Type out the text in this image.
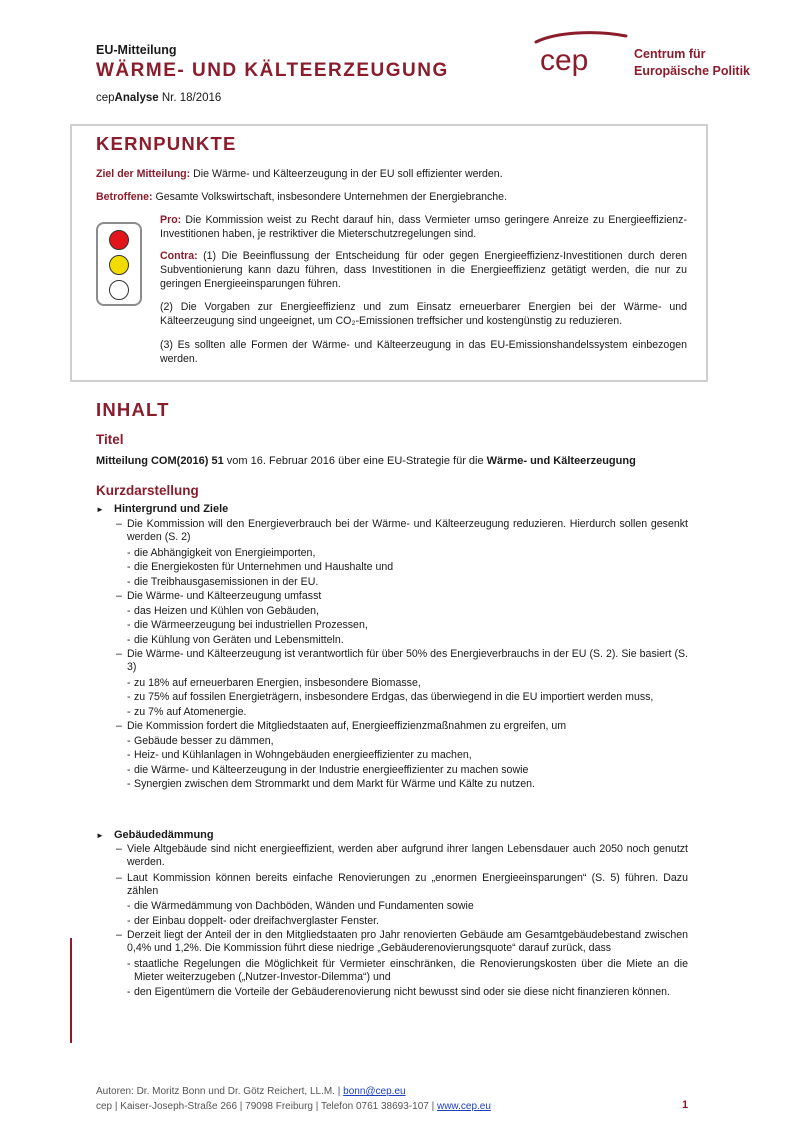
EU-Mitteilung
WÄRME- UND KÄLTEERZEUGUNG
cepAnalyse Nr. 18/2016
cep	Centrum für
Europäische Politik
KERNPUNKTE
Ziel der Mitteilung: Die Wärme- und Kälteerzeugung in der EU soll effizienter werden.
Betroffene: Gesamte Volkswirtschaft, insbesondere Unternehmen der Energiebranche.
Pro: Die Kommission weist zu Recht darauf hin, dass Vermieter umso geringere Anreize zu Energieeffizienz-Investitionen haben, je restriktiver die Mieterschutzregelungen sind.
Contra: (1) Die Beeinflussung der Entscheidung für oder gegen Energieeffizienz-Investitionen durch deren Subventionierung kann dazu führen, dass Investitionen in die Energieeffizienz getätigt werden, die nur zu geringen Energieeinsparungen führen.
(2) Die Vorgaben zur Energieeffizienz und zum Einsatz erneuerbarer Energien bei der Wärme- und Kälteerzeugung sind ungeeignet, um CO₂-Emissionen treffsicher und kostengünstig zu reduzieren.
(3) Es sollten alle Formen der Wärme- und Kälteerzeugung in das EU-Emissionshandelssystem einbezogen werden.
INHALT
Titel
Mitteilung COM(2016) 51 vom 16. Februar 2016 über eine EU-Strategie für die Wärme- und Kälteerzeugung
Kurzdarstellung
► Hintergrund und Ziele
– Die Kommission will den Energieverbrauch bei der Wärme- und Kälteerzeugung reduzieren. Hierdurch sollen gesenkt werden (S. 2)
- die Abhängigkeit von Energieimporten,
- die Energiekosten für Unternehmen und Haushalte und
- die Treibhausgasemissionen in der EU.
– Die Wärme- und Kälteerzeugung umfasst
- das Heizen und Kühlen von Gebäuden,
- die Wärmeerzeugung bei industriellen Prozessen,
- die Kühlung von Geräten und Lebensmitteln.
– Die Wärme- und Kälteerzeugung ist verantwortlich für über 50% des Energieverbrauchs in der EU (S. 2). Sie basiert (S. 3)
- zu 18% auf erneuerbaren Energien, insbesondere Biomasse,
- zu 75% auf fossilen Energieträgern, insbesondere Erdgas, das überwiegend in die EU importiert werden muss,
- zu 7% auf Atomenergie.
– Die Kommission fordert die Mitgliedstaaten auf, Energieeffizienzmaßnahmen zu ergreifen, um
- Gebäude besser zu dämmen,
- Heiz- und Kühlanlagen in Wohngebäuden energieeffizienter zu machen,
- die Wärme- und Kälteerzeugung in der Industrie energieeffizienter zu machen sowie
- Synergien zwischen dem Strommarkt und dem Markt für Wärme und Kälte zu nutzen.
► Gebäudedämmung
– Viele Altgebäude sind nicht energieeffizient, werden aber aufgrund ihrer langen Lebensdauer auch 2050 noch genutzt werden.
– Laut Kommission können bereits einfache Renovierungen zu „enormen Energieeinsparungen“ (S. 5) führen. Dazu zählen
- die Wärmedämmung von Dachböden, Wänden und Fundamenten sowie
- der Einbau doppelt- oder dreifachverglaster Fenster.
– Derzeit liegt der Anteil der in den Mitgliedstaaten pro Jahr renovierten Gebäude am Gesamtgebäudebestand zwischen 0,4% und 1,2%. Die Kommission führt diese niedrige „Gebäuderenovierungsquote“ darauf zurück, dass
- staatliche Regelungen die Möglichkeit für Vermieter einschränken, die Renovierungskosten über die Miete an die Mieter weiterzugeben („Nutzer-Investor-Dilemma“) und
- den Eigentümern die Vorteile der Gebäuderenovierung nicht bewusst sind oder sie diese nicht finanzieren können.
Autoren: Dr. Moritz Bonn und Dr. Götz Reichert, LL.M. | bonn@cep.eu
cep | Kaiser-Joseph-Straße 266 | 79098 Freiburg | Telefon 0761 38693-107 | www.cep.eu	1
